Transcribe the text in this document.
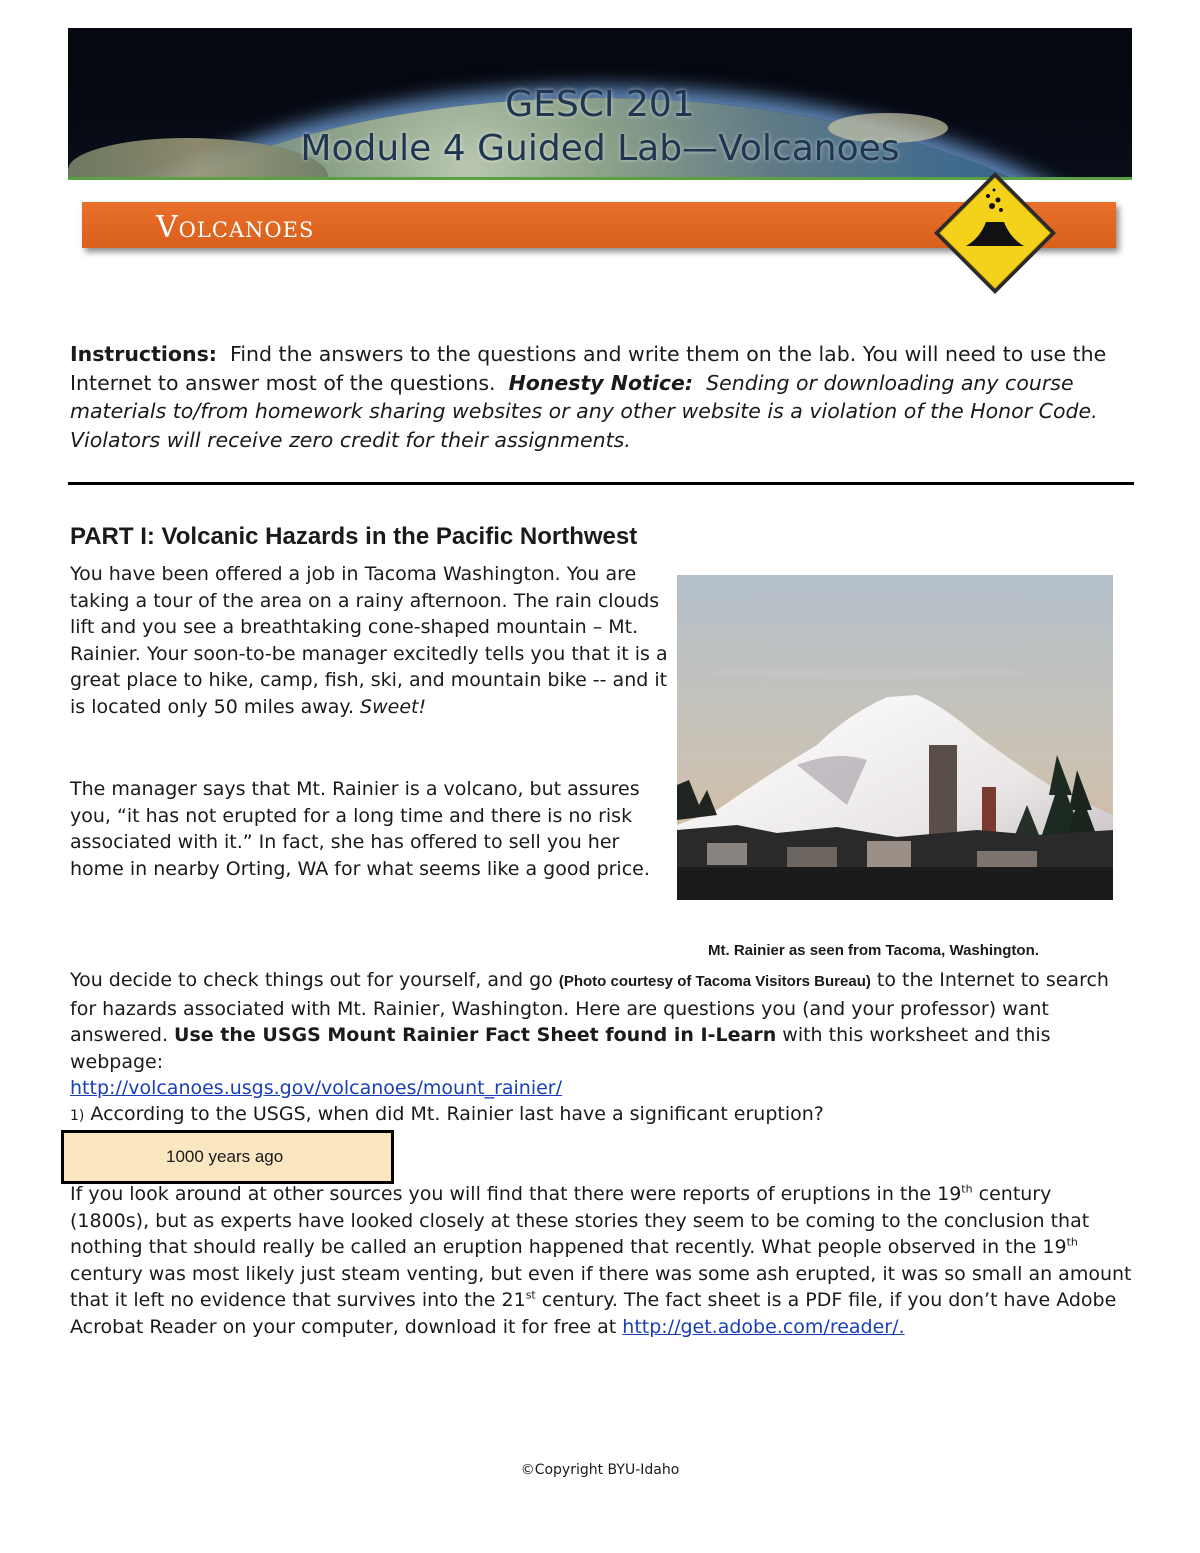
GESCI 201
Module 4 Guided Lab—Volcanoes
Volcanoes
Instructions: Find the answers to the questions and write them on the lab. You will need to use the Internet to answer most of the questions. Honesty Notice: Sending or downloading any course materials to/from homework sharing websites or any other website is a violation of the Honor Code. Violators will receive zero credit for their assignments.
PART I: Volcanic Hazards in the Pacific Northwest
You have been offered a job in Tacoma Washington. You are taking a tour of the area on a rainy afternoon. The rain clouds lift and you see a breathtaking cone-shaped mountain – Mt. Rainier. Your soon-to-be manager excitedly tells you that it is a great place to hike, camp, fish, ski, and mountain bike -- and it is located only 50 miles away. Sweet!
The manager says that Mt. Rainier is a volcano, but assures you, “it has not erupted for a long time and there is no risk associated with it.” In fact, she has offered to sell you her home in nearby Orting, WA for what seems like a good price.
Mt. Rainier as seen from Tacoma, Washington.
You decide to check things out for yourself, and go (Photo courtesy of Tacoma Visitors Bureau) to the Internet to search for hazards associated with Mt. Rainier, Washington. Here are questions you (and your professor) want answered. Use the USGS Mount Rainier Fact Sheet found in I-Learn with this worksheet and this webpage:
http://volcanoes.usgs.gov/volcanoes/mount_rainier/
1) According to the USGS, when did Mt. Rainier last have a significant eruption?
1000 years ago
If you look around at other sources you will find that there were reports of eruptions in the 19th century (1800s), but as experts have looked closely at these stories they seem to be coming to the conclusion that nothing that should really be called an eruption happened that recently. What people observed in the 19th century was most likely just steam venting, but even if there was some ash erupted, it was so small an amount that it left no evidence that survives into the 21st century. The fact sheet is a PDF file, if you don’t have Adobe Acrobat Reader on your computer, download it for free at http://get.adobe.com/reader/.
©Copyright BYU-Idaho
